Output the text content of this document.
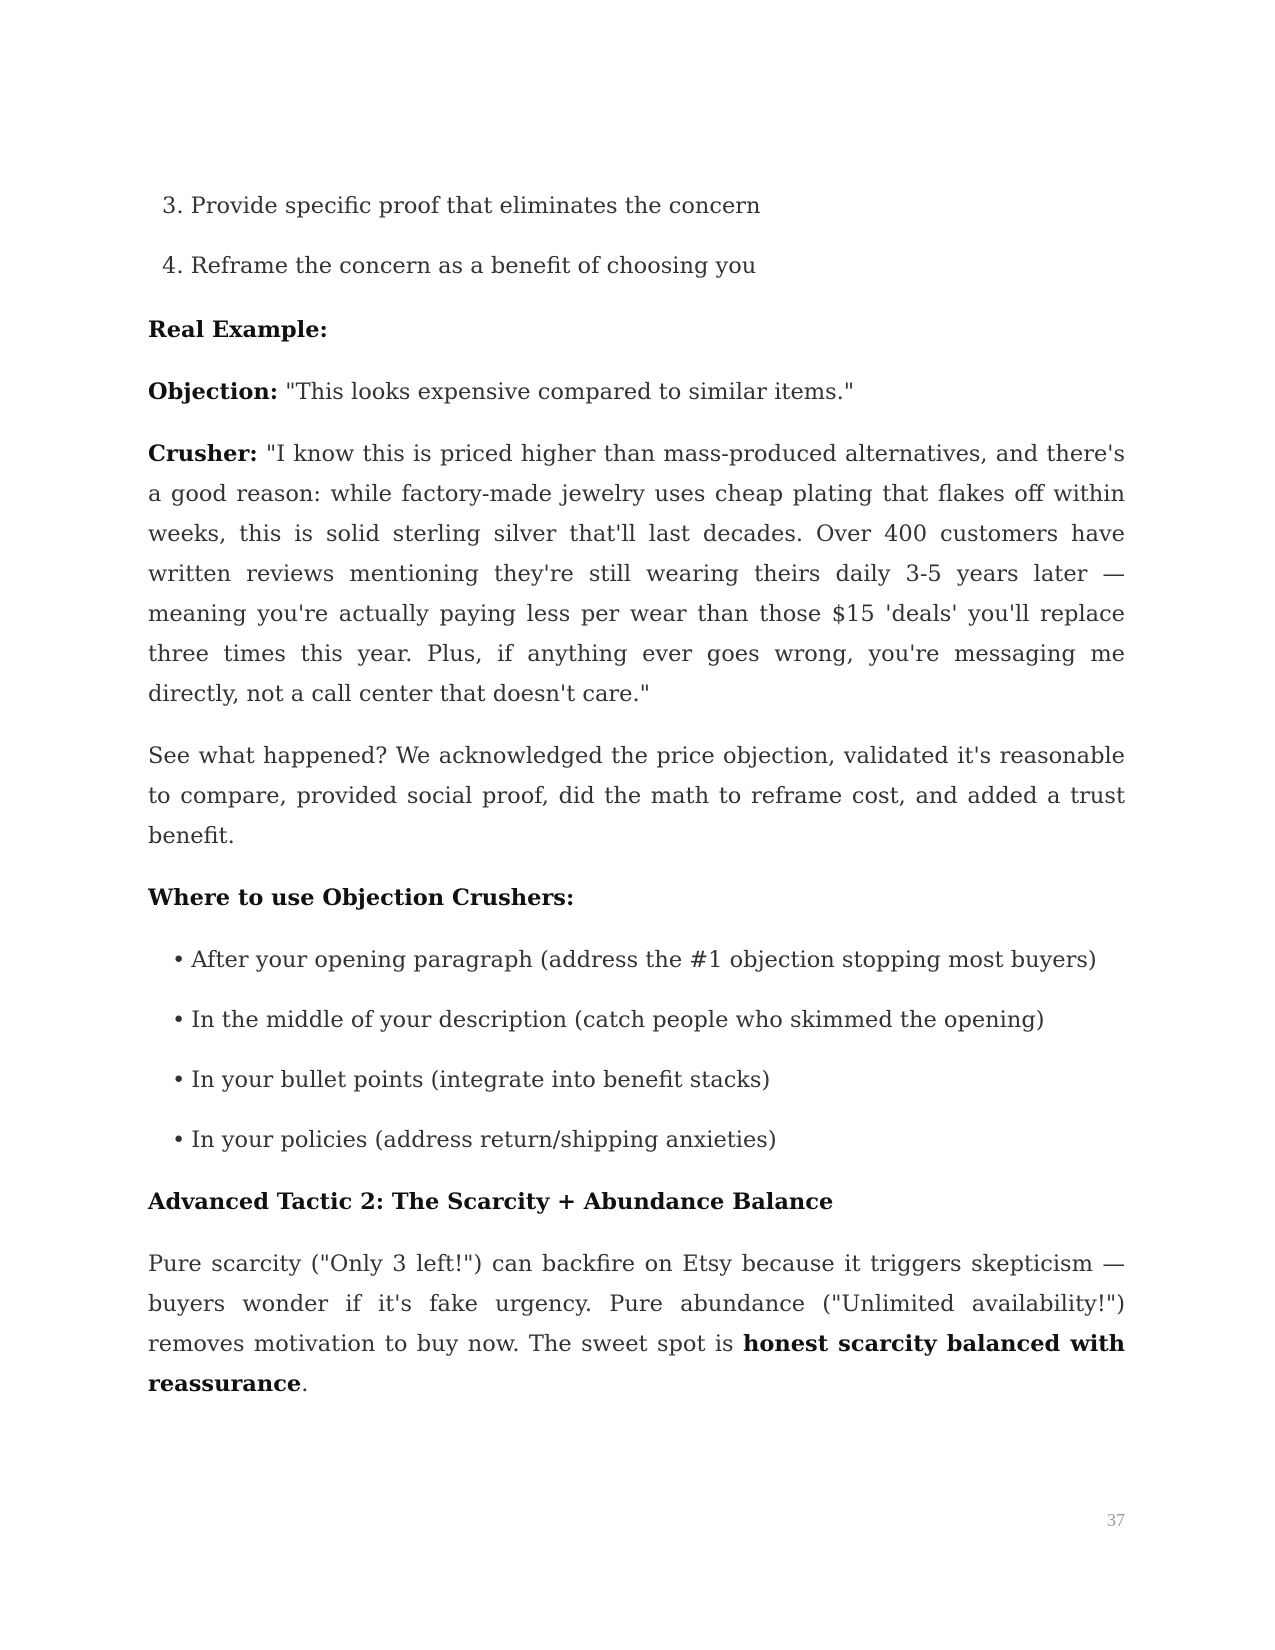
3. Provide specific proof that eliminates the concern
4. Reframe the concern as a benefit of choosing you
Real Example:

Objection: "This looks expensive compared to similar items."

Crusher: "I know this is priced higher than mass-produced alternatives, and there's a good reason: while factory-made jewelry uses cheap plating that flakes off within weeks, this is solid sterling silver that'll last decades. Over 400 customers have written reviews mentioning they're still wearing theirs daily 3-5 years later — meaning you're actually paying less per wear than those $15 'deals' you'll replace three times this year. Plus, if anything ever goes wrong, you're messaging me directly, not a call center that doesn't care."

See what happened? We acknowledged the price objection, validated it's reasonable to compare, provided social proof, did the math to reframe cost, and added a trust benefit.

Where to use Objection Crushers:
• After your opening paragraph (address the #1 objection stopping most buyers)
• In the middle of your description (catch people who skimmed the opening)
• In your bullet points (integrate into benefit stacks)
• In your policies (address return/shipping anxieties)
Advanced Tactic 2: The Scarcity + Abundance Balance

Pure scarcity ("Only 3 left!") can backfire on Etsy because it triggers skepticism — buyers wonder if it's fake urgency. Pure abundance ("Unlimited availability!") removes motivation to buy now. The sweet spot is honest scarcity balanced with reassurance.

37
